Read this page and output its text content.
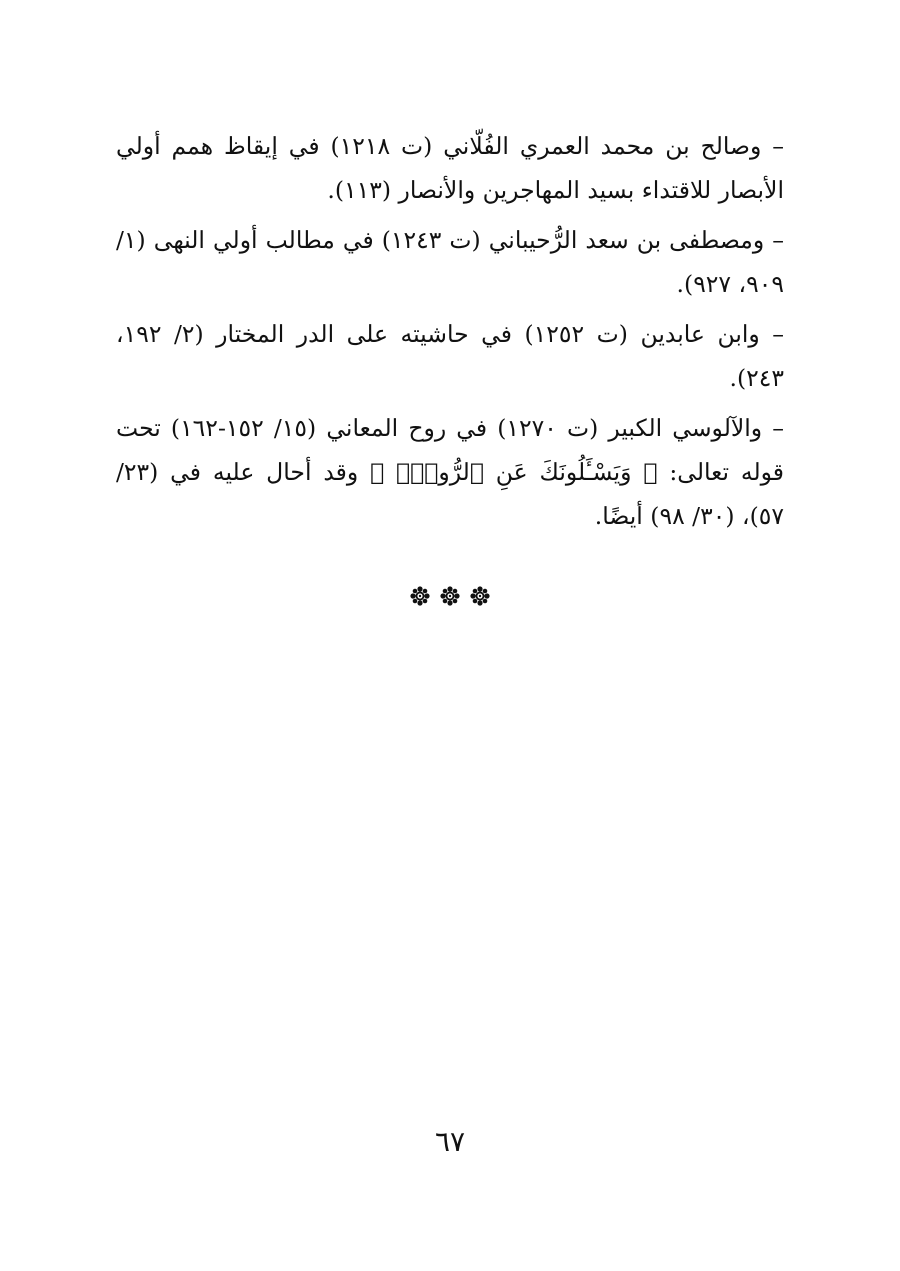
– وصالح بن محمد العمري الفُلّاني (ت ١٢١٨) في إيقاظ همم أولي الأبصار للاقتداء بسيد المهاجرين والأنصار (١١٣).

– ومصطفى بن سعد الرُّحيباني (ت ١٢٤٣) في مطالب أولي النهى (١/ ٩٠٩، ٩٢٧).

– وابن عابدين (ت ١٢٥٢) في حاشيته على الدر المختار (٢/ ١٩٢، ٢٤٣).

– والآلوسي الكبير (ت ١٢٧٠) في روح المعاني (١٥/ ١٥٢-١٦٢) تحت قوله تعالى: ﴿ وَيَسْـَٔلُونَكَ عَنِ ٱلرُّوحِۖ ﴾ وقد أحال عليه في (٢٣/ ٥٧)، (٣٠/ ٩٨) أيضًا.

٦٧
